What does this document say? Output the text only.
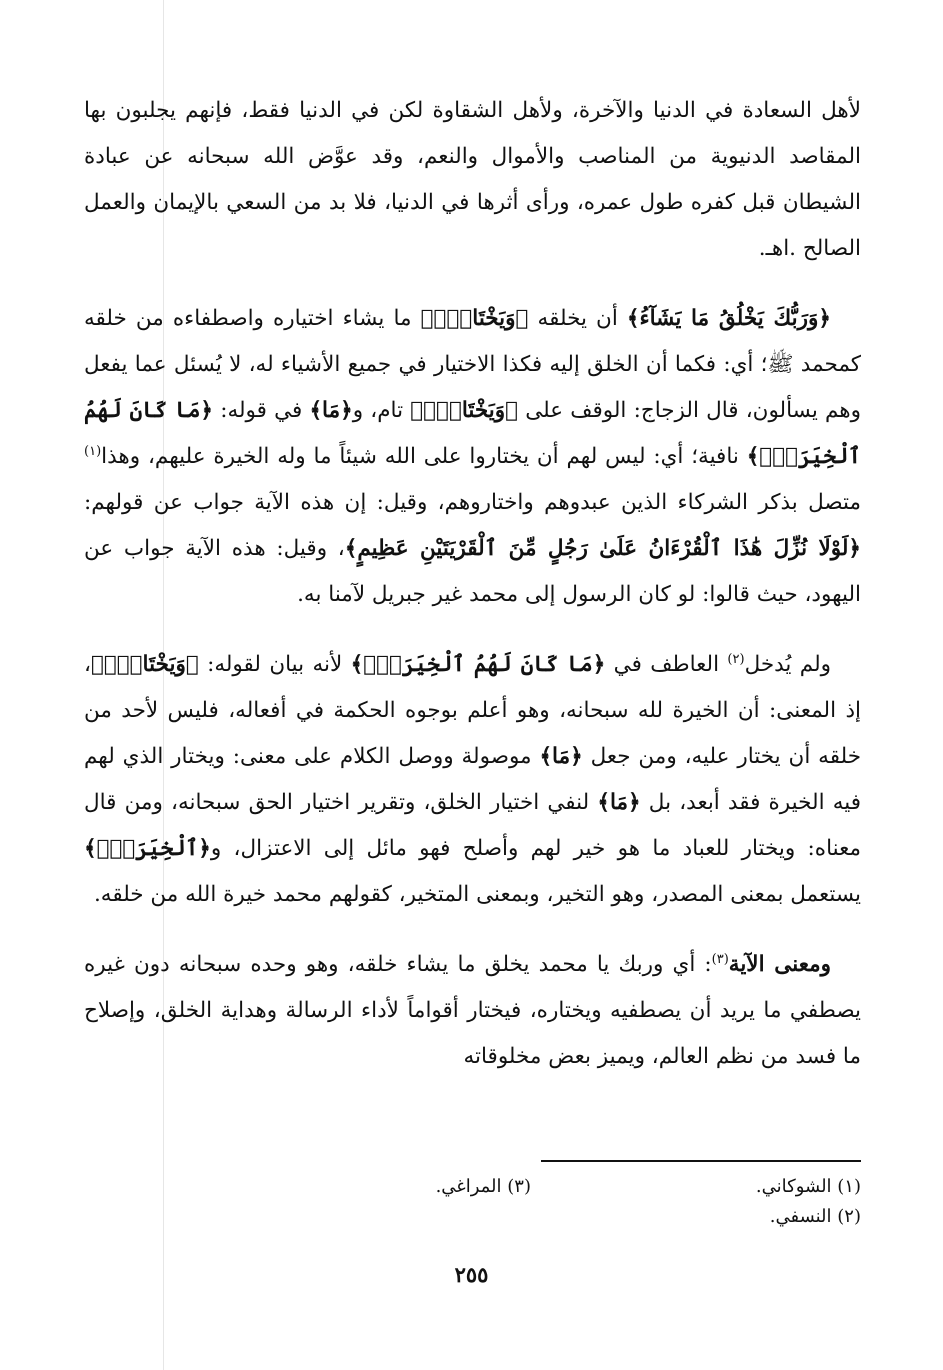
لأهل السعادة في الدنيا والآخرة، ولأهل الشقاوة لكن في الدنيا فقط، فإنهم يجلبون بها المقاصد الدنيوية من المناصب والأموال والنعم، وقد عوَّض الله سبحانه عن عبادة الشيطان قبل كفره طول عمره، ورأى أثرها في الدنيا، فلا بد من السعي بالإيمان والعمل الصالح .اهـ.

﴿وَرَبُّكَ يَخْلُقُ مَا يَشَآءُ﴾ أن يخلقه ﴿وَيَخْتَارُۗ﴾ ما يشاء اختياره واصطفاءه من خلقه كمحمد ﷺ؛ أي: فكما أن الخلق إليه فكذا الاختيار في جميع الأشياء له، لا يُسئل عما يفعل وهم يسألون، قال الزجاج: الوقف على ﴿وَيَخْتَارُۗ﴾ تام، و﴿مَا﴾ في قوله: ﴿مَا كَانَ لَهُمُ ٱلْخِيَرَةُۚ﴾ نافية؛ أي: ليس لهم أن يختاروا على الله شيئاً ما وله الخيرة عليهم، وهذا$^{(١)}$ متصل بذكر الشركاء الذين عبدوهم واختاروهم، وقيل: إن هذه الآية جواب عن قولهم: ﴿لَوْلَا نُزِّلَ هَٰذَا ٱلْقُرْءَانُ عَلَىٰ رَجُلٍ مِّنَ ٱلْقَرْيَتَيْنِ عَظِيمٍ﴾، وقيل: هذه الآية جواب عن اليهود، حيث قالوا: لو كان الرسول إلى محمد غير جبريل لآمنا به.

ولم يُدخل$^{(٢)}$ العاطف في ﴿مَا كَانَ لَهُمُ ٱلْخِيَرَةُۚ﴾ لأنه بيان لقوله: ﴿وَيَخْتَارُۗ﴾، إذ المعنى: أن الخيرة لله سبحانه، وهو أعلم بوجوه الحكمة في أفعاله، فليس لأحد من خلقه أن يختار عليه، ومن جعل ﴿مَا﴾ موصولة ووصل الكلام على معنى: ويختار الذي لهم فيه الخيرة فقد أبعد، بل ﴿مَا﴾ لنفي اختيار الخلق، وتقرير اختيار الحق سبحانه، ومن قال معناه: ويختار للعباد ما هو خير لهم وأصلح فهو مائل إلى الاعتزال، و﴿ٱلْخِيَرَةُۚ﴾ يستعمل بمعنى المصدر، وهو التخير، وبمعنى المتخير، كقولهم محمد خيرة الله من خلقه.

ومعنى الآية$^{(٣)}$: أي وربك يا محمد يخلق ما يشاء خلقه، وهو وحده سبحانه دون غيره يصطفي ما يريد أن يصطفيه ويختاره، فيختار أقواماً لأداء الرسالة وهداية الخلق، وإصلاح ما فسد من نظم العالم، ويميز بعض مخلوقاته

(١) الشوكاني.
(٢) النسفي.
(٣) المراغي.
٢٥٥
